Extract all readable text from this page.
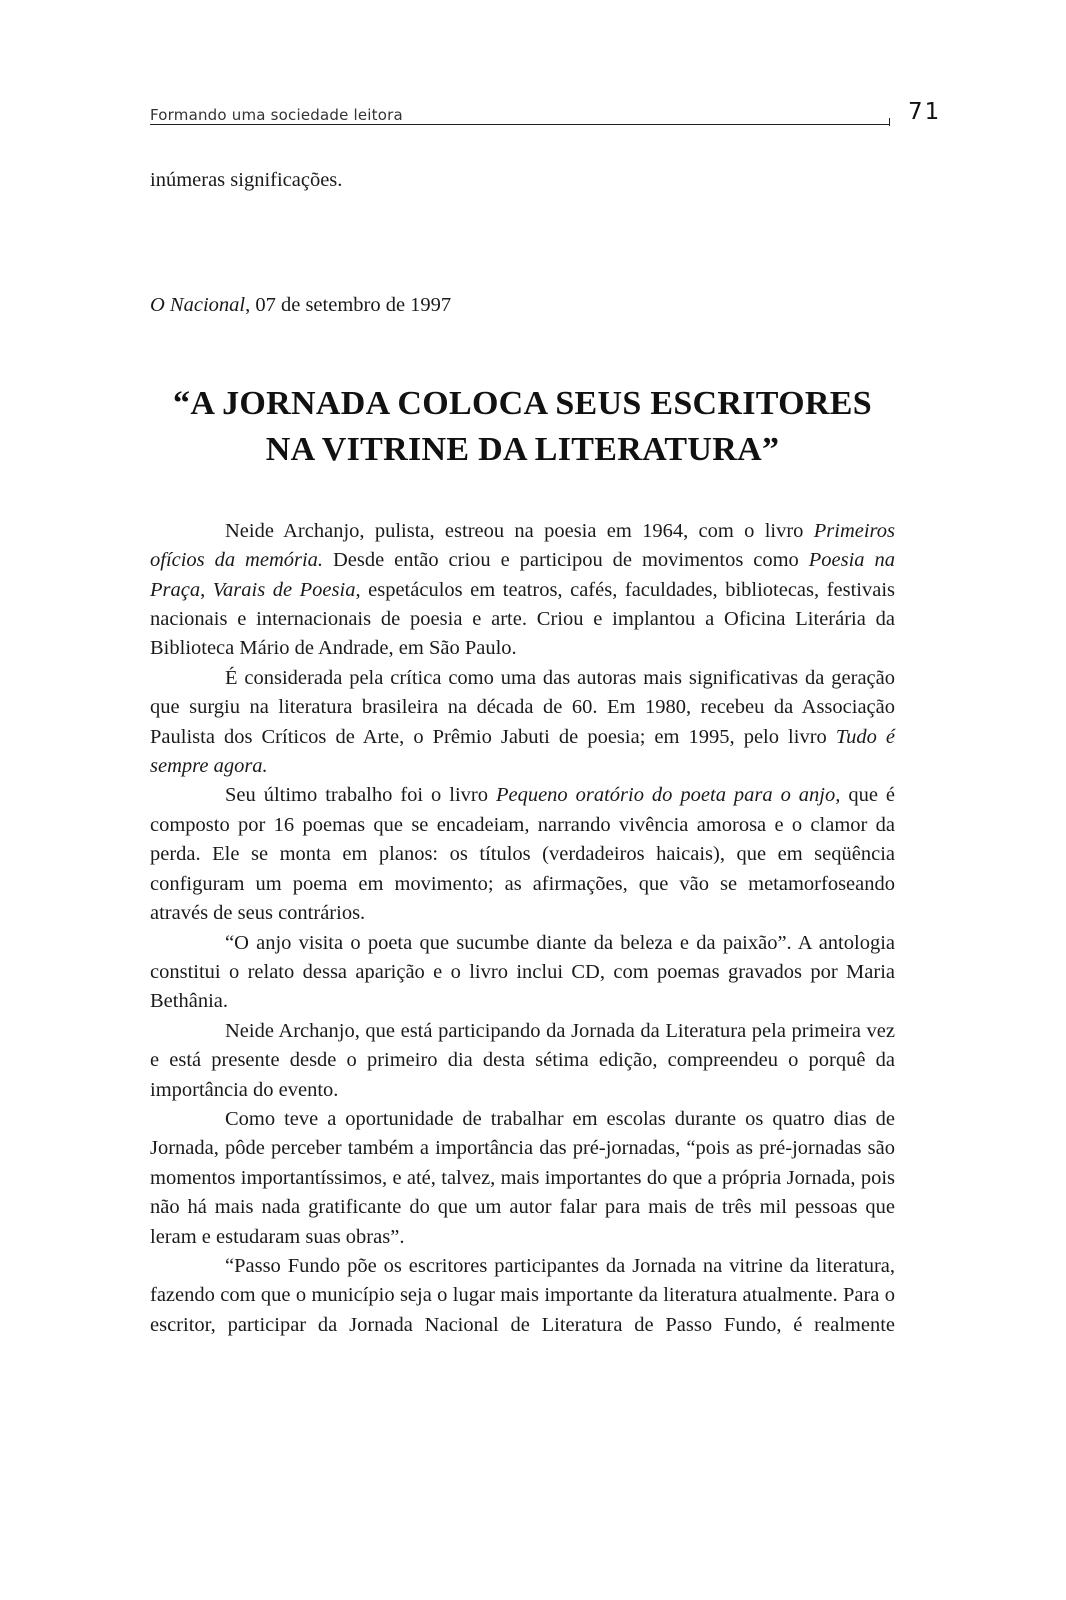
Formando uma sociedade leitora	71

inúmeras significações.

O Nacional, 07 de setembro de 1997

“A JORNADA COLOCA SEUS ESCRITORES
NA VITRINE DA LITERATURA”

Neide Archanjo, pulista, estreou na poesia em 1964, com o livro Primeiros ofícios da memória. Desde então criou e participou de movimentos como Poesia na Praça, Varais de Poesia, espetáculos em teatros, cafés, faculdades, bibliotecas, festivais nacionais e internacionais de poesia e arte. Criou e implantou a Oficina Literária da Biblioteca Mário de Andrade, em São Paulo.

É considerada pela crítica como uma das autoras mais significativas da geração que surgiu na literatura brasileira na década de 60. Em 1980, recebeu da Associação Paulista dos Críticos de Arte, o Prêmio Jabuti de poesia; em 1995, pelo livro Tudo é sempre agora.

Seu último trabalho foi o livro Pequeno oratório do poeta para o anjo, que é composto por 16 poemas que se encadeiam, narrando vivência amorosa e o clamor da perda. Ele se monta em planos: os títulos (verdadeiros haicais), que em seqüência configuram um poema em movimento; as afirmações, que vão se metamorfoseando através de seus contrários.

“O anjo visita o poeta que sucumbe diante da beleza e da paixão”. A antologia constitui o relato dessa aparição e o livro inclui CD, com poemas gravados por Maria Bethânia.

Neide Archanjo, que está participando da Jornada da Literatura pela primeira vez e está presente desde o primeiro dia desta sétima edição, compreendeu o porquê da importância do evento.

Como teve a oportunidade de trabalhar em escolas durante os quatro dias de Jornada, pôde perceber também a importância das pré-jornadas, “pois as pré-jornadas são momentos importantíssimos, e até, talvez, mais importantes do que a própria Jornada, pois não há mais nada gratificante do que um autor falar para mais de três mil pessoas que leram e estudaram suas obras”.

“Passo Fundo põe os escritores participantes da Jornada na vitrine da literatura, fazendo com que o município seja o lugar mais importante da literatura atualmente. Para o escritor, participar da Jornada Nacional de Literatura de Passo Fundo, é realmente
